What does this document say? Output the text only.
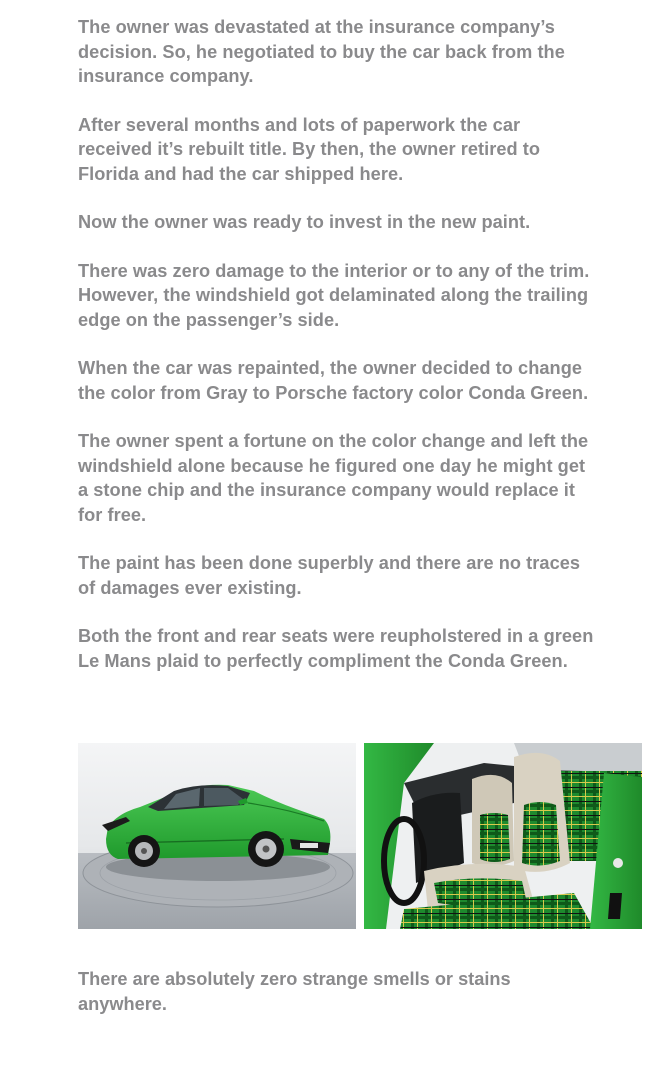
The owner was devastated at the insurance company’s decision. So, he negotiated to buy the car back from the insurance company.

After several months and lots of paperwork the car received it’s rebuilt title. By then, the owner retired to Florida and had the car shipped here.

Now the owner was ready to invest in the new paint.

There was zero damage to the interior or to any of the trim. However, the windshield got delaminated along the trailing edge on the passenger’s side.

When the car was repainted, the owner decided to change the color from Gray to Porsche factory color Conda Green.

The owner spent a fortune on the color change and left the windshield alone because he figured one day he might get a stone chip and the insurance company would replace it for free.

The paint has been done superbly and there are no traces of damages ever existing.

Both the front and rear seats were reupholstered in a green Le Mans plaid to perfectly compliment the Conda Green.

There are absolutely zero strange smells or stains anywhere.
